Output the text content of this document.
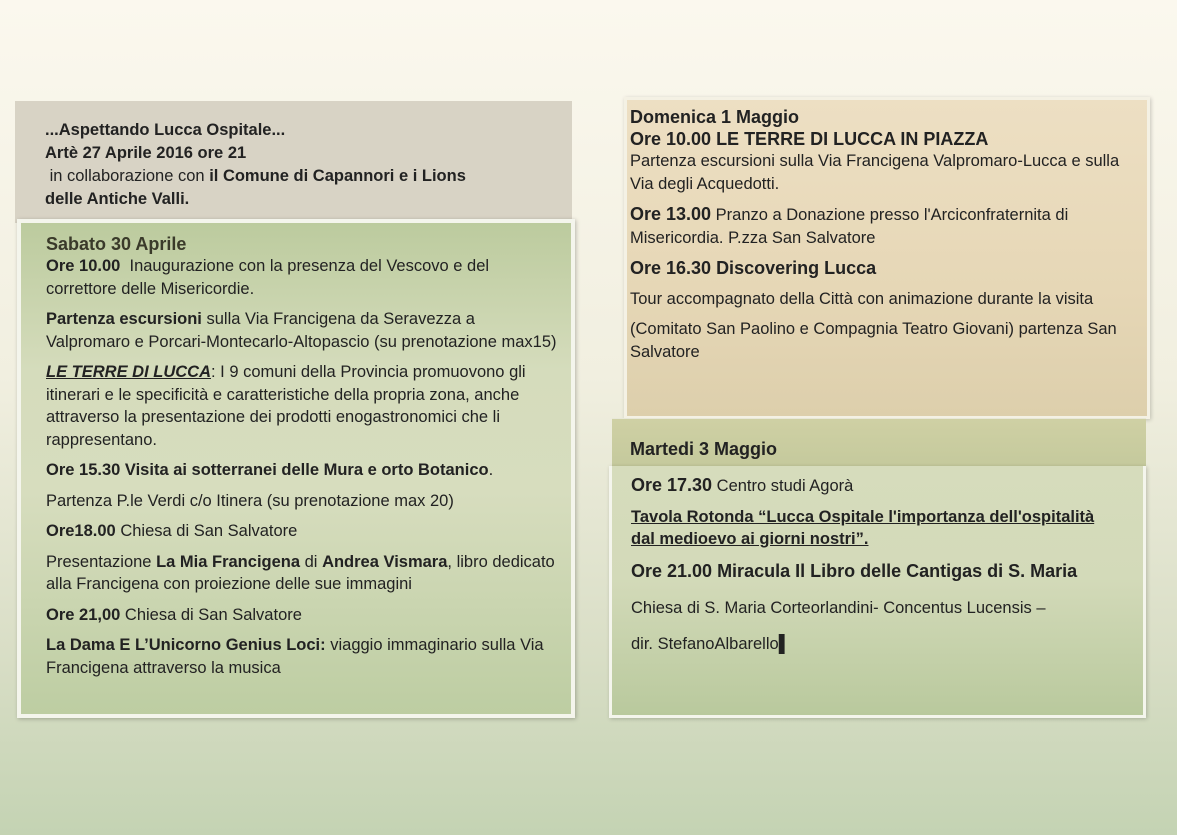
...Aspettando Lucca Ospitale...
Artè 27 Aprile 2016 ore 21
in collaborazione con il Comune di Capannori e i Lions
delle Antiche Valli.
Sabato 30 Aprile
Ore 10.00  Inaugurazione con la presenza del Vescovo e del correttore delle Misericordie.
Partenza escursioni sulla Via Francigena da Seravezza a Valpromaro e Porcari-Montecarlo-Altopascio (su prenotazione max15)
LE TERRE DI LUCCA: I 9 comuni della Provincia promuovono gli itinerari e le specificità e caratteristiche della propria zona, anche attraverso la presentazione dei prodotti enogastronomici che li rappresentano.
Ore 15.30 Visita ai sotterranei delle Mura e orto Botanico.
Partenza P.le Verdi c/o Itinera (su prenotazione max 20)
Ore18.00 Chiesa di San Salvatore
Presentazione La Mia Francigena di Andrea Vismara, libro dedicato alla Francigena con proiezione delle sue immagini
Ore 21,00 Chiesa di San Salvatore
La Dama E L’Unicorno Genius Loci: viaggio immaginario sulla Via Francigena attraverso la musica
Domenica 1 Maggio
Ore 10.00 LE TERRE DI LUCCA IN PIAZZA
Partenza escursioni sulla Via Francigena Valpromaro-Lucca e sulla Via degli Acquedotti.
Ore 13.00 Pranzo a Donazione presso l'Arciconfraternita di Misericordia. P.zza San Salvatore
Ore 16.30 Discovering Lucca
Tour accompagnato della Città con animazione durante la visita
(Comitato San Paolino e Compagnia Teatro Giovani) partenza San Salvatore
Martedi 3 Maggio
Ore 17.30 Centro studi Agorà
Tavola Rotonda “Lucca Ospitale l'importanza dell'ospitalità dal medioevo ai giorni nostri”.
Ore 21.00 Miracula Il Libro delle Cantigas di S. Maria
Chiesa di S. Maria Corteorlandini- Concentus Lucensis –
dir. StefanoAlbarello▌
